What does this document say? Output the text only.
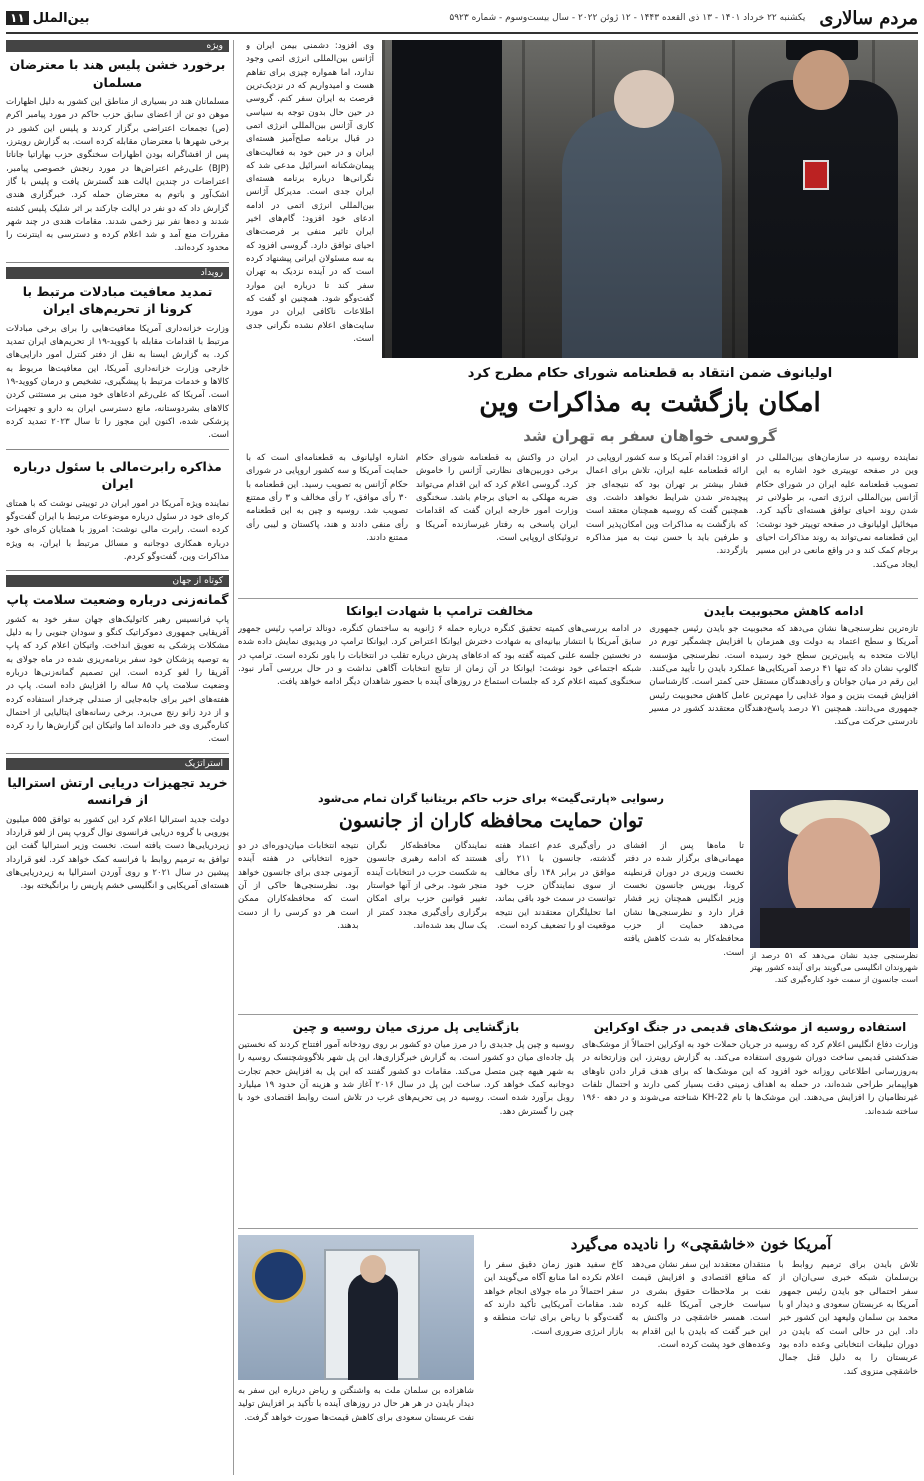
مردم سالاری
یکشنبه ۲۲ خرداد ۱۴۰۱ - ۱۳ ذی القعده ۱۴۴۳ - ۱۲ ژوئن ۲۰۲۲ - سال بیست‌وسوم - شماره ۵۹۲۳
بین‌الملل
۱۱
ویژه
برخورد خشن پلیس هند با معترضان مسلمان
مسلمانان هند در بسیاری از مناطق این کشور به دلیل اظهارات موهن دو تن از اعضای سابق حزب حاکم در مورد پیامبر اکرم (ص) تجمعات اعتراضی برگزار کردند و پلیس این کشور در برخی شهرها با معترضان مقابله کرده است. به گزارش رویترز، پس از افشاگرانه بودن اظهارات سخنگوی حزب بهاراتیا جاناتا (BJP) علی‌رغم اعتراض‌ها در مورد رنجش خصوصی پیامبر، اعتراضات در چندین ایالت هند گسترش یافت و پلیس با گاز اشک‌آور و باتوم به معترضان حمله کرد. خبرگزاری هندی گزارش داد که دو نفر در ایالت جارکند بر اثر شلیک پلیس کشته شدند و ده‌ها نفر نیز زخمی شدند. مقامات هندی در چند شهر مقررات منع آمد و شد اعلام کرده و دسترسی به اینترنت را محدود کرده‌اند.
رویداد
تمدید معافیت مبادلات مرتبط با کرونا از تحریم‌های ایران
وزارت خزانه‌داری آمریکا معافیت‌هایی را برای برخی مبادلات مرتبط با اقدامات مقابله با کووید-۱۹ از تحریم‌های ایران تمدید کرد. به گزارش ایسنا به نقل از دفتر کنترل امور دارایی‌های خارجی وزارت خزانه‌داری آمریکا، این معافیت‌ها مربوط به کالاها و خدمات مرتبط با پیشگیری، تشخیص و درمان کووید-۱۹ است. آمریکا که علی‌رغم ادعاهای خود مبنی بر مستثنی کردن کالاهای بشردوستانه، مانع دسترسی ایران به دارو و تجهیزات پزشکی شده، اکنون این مجوز را تا سال ۲۰۲۳ تمدید کرده است.
مذاکره رابرت‌مالی با سئول درباره ایران
نماینده ویژه آمریکا در امور ایران در توییتی نوشت که با همتای کره‌ای خود در سئول درباره موضوعات مرتبط با ایران گفت‌وگو کرده است. رابرت مالی نوشت: امروز با همتایان کره‌ای خود درباره همکاری دوجانبه و مسائل مرتبط با ایران، به ویژه مذاکرات وین، گفت‌وگو کردم.
کوتاه از جهان
گمانه‌زنی درباره وضعیت سلامت پاپ
پاپ فرانسیس رهبر کاتولیک‌های جهان سفر خود به کشور آفریقایی جمهوری دموکراتیک کنگو و سودان جنوبی را به دلیل مشکلات پزشکی به تعویق انداخت. واتیکان اعلام کرد که پاپ به توصیه پزشکان خود سفر برنامه‌ریزی شده در ماه جولای به آفریقا را لغو کرده است. این تصمیم گمانه‌زنی‌ها درباره وضعیت سلامت پاپ ۸۵ ساله را افزایش داده است. پاپ در هفته‌های اخیر برای جابه‌جایی از صندلی چرخدار استفاده کرده و از درد زانو رنج می‌برد. برخی رسانه‌های ایتالیایی از احتمال کناره‌گیری وی خبر داده‌اند اما واتیکان این گزارش‌ها را رد کرده است.
استراتژیک
خرید تجهیزات دریایی ارتش استرالیا از فرانسه
دولت جدید استرالیا اعلام کرد این کشور به توافق ۵۵۵ میلیون یورویی با گروه دریایی فرانسوی نوال گروپ پس از لغو قرارداد زیردریایی‌ها دست یافته است. نخست وزیر استرالیا گفت این توافق به ترمیم روابط با فرانسه کمک خواهد کرد. لغو قرارداد پیشین در سال ۲۰۲۱ و روی آوردن استرالیا به زیردریایی‌های هسته‌ای آمریکایی و انگلیسی خشم پاریس را برانگیخته بود.
وی افزود: دشمنی بیمن ایران و آژانس بین‌المللی انرژی اتمی وجود ندارد، اما همواره چیزی برای تفاهم هست و امیدواریم که در نزدیک‌ترین فرصت به ایران سفر کنم. گروسی در حین حال بدون توجه به سیاسی کاری آژانس بین‌المللی انرژی اتمی در قبال برنامه صلح‌آمیز هسته‌ای ایران و در حین خود به فعالیت‌های پیمان‌شکنانه اسرائیل مدعی شد که نگرانی‌ها درباره برنامه هسته‌ای ایران جدی است. مدیرکل آژانس بین‌المللی انرژی اتمی در ادامه ادعای خود افزود: گام‌های اخیر ایران تاثیر منفی بر فرصت‌های احیای توافق دارد. گروسی افزود که به سه مسئولان ایرانی پیشنهاد کرده است که در آینده نزدیک به تهران سفر کند تا درباره این موارد گفت‌وگو شود. همچنین او گفت که اطلاعات ناکافی ایران در مورد سایت‌های اعلام نشده نگرانی جدی است.
اولیانوف ضمن انتقاد به قطعنامه شورای حکام مطرح کرد
امکان بازگشت به مذاکرات وین
گروسی خواهان سفر به تهران شد
نماینده روسیه در سازمان‌های بین‌المللی در وین در صفحه توییتری خود اشاره به این تصویب قطعنامه علیه ایران در شورای حکام آژانس بین‌المللی انرژی اتمی، بر طولانی تر شدن روند احیای توافق هسته‌ای تأکید کرد. میخائیل اولیانوف در صفحه توییتر خود نوشت: این قطعنامه نمی‌تواند به روند مذاکرات احیای برجام کمک کند و در واقع مانعی در این مسیر ایجاد می‌کند.
او افزود: اقدام آمریکا و سه کشور اروپایی در ارائه قطعنامه علیه ایران، تلاش برای اعمال فشار بیشتر بر تهران بود که نتیجه‌ای جز پیچیده‌تر شدن شرایط نخواهد داشت. وی همچنین گفت که روسیه همچنان معتقد است که بازگشت به مذاکرات وین امکان‌پذیر است و طرفین باید با حسن نیت به میز مذاکره بازگردند.
ایران در واکنش به قطعنامه شورای حکام برخی دوربین‌های نظارتی آژانس را خاموش کرد. گروسی اعلام کرد که این اقدام می‌تواند ضربه مهلکی به احیای برجام باشد. سخنگوی وزارت امور خارجه ایران گفت که اقدامات ایران پاسخی به رفتار غیرسازنده آمریکا و تروئیکای اروپایی است.
اشاره اولیانوف به قطعنامه‌ای است که با حمایت آمریکا و سه کشور اروپایی در شورای حکام آژانس به تصویب رسید. این قطعنامه با ۳۰ رأی موافق، ۲ رأی مخالف و ۳ رأی ممتنع تصویب شد. روسیه و چین به این قطعنامه رأی منفی دادند و هند، پاکستان و لیبی رأی ممتنع دادند.
ادامه کاهش محبوبیت بایدن
تازه‌ترین نظرسنجی‌ها نشان می‌دهد که محبوبیت جو بایدن رئیس جمهوری آمریکا و سطح اعتماد به دولت وی همزمان با افزایش چشمگیر تورم در ایالات متحده به پایین‌ترین سطح خود رسیده است. نظرسنجی مؤسسه گالوپ نشان داد که تنها ۴۱ درصد آمریکایی‌ها عملکرد بایدن را تأیید می‌کنند. این رقم در میان جوانان و رأی‌دهندگان مستقل حتی کمتر است. کارشناسان افزایش قیمت بنزین و مواد غذایی را مهم‌ترین عامل کاهش محبوبیت رئیس جمهوری می‌دانند. همچنین ۷۱ درصد پاسخ‌دهندگان معتقدند کشور در مسیر نادرستی حرکت می‌کند.
مخالفت ترامپ با شهادت ایوانکا
در ادامه بررسی‌های کمیته تحقیق کنگره درباره حمله ۶ ژانویه به ساختمان کنگره، دونالد ترامپ رئیس جمهور سابق آمریکا با انتشار بیانیه‌ای به شهادت دخترش ایوانکا اعتراض کرد. ایوانکا ترامپ در ویدیوی نمایش داده شده در نخستین جلسه علنی کمیته گفته بود که ادعاهای پدرش درباره تقلب در انتخابات را باور نکرده است. ترامپ در شبکه اجتماعی خود نوشت: ایوانکا در آن زمان از نتایج انتخابات آگاهی نداشت و در حال بررسی آمار نبود. سخنگوی کمیته اعلام کرد که جلسات استماع در روزهای آینده با حضور شاهدان دیگر ادامه خواهد یافت.
نظرسنجی جدید نشان می‌دهد که ۵۱ درصد از شهروندان انگلیسی می‌گویند برای آینده کشور بهتر است جانسون از سمت خود کناره‌گیری کند.
رسوایی «پارتی‌گیت» برای حزب حاکم بریتانیا گران تمام می‌شود
توان حمایت محافظه کاران از جانسون
تا ماه‌ها پس از افشای مهمانی‌های برگزار شده در دفتر نخست وزیری در دوران قرنطینه کرونا، بوریس جانسون نخست وزیر انگلیس همچنان زیر فشار قرار دارد و نظرسنجی‌ها نشان می‌دهد حمایت از حزب محافظه‌کار به شدت کاهش یافته است.
در رأی‌گیری عدم اعتماد هفته گذشته، جانسون با ۲۱۱ رأی موافق در برابر ۱۴۸ رأی مخالف از سوی نمایندگان حزب خود توانست در سمت خود باقی بماند، اما تحلیلگران معتقدند این نتیجه موقعیت او را تضعیف کرده است.
نمایندگان محافظه‌کار نگران هستند که ادامه رهبری جانسون به شکست حزب در انتخابات آینده منجر شود. برخی از آنها خواستار تغییر قوانین حزب برای امکان برگزاری رأی‌گیری مجدد کمتر از یک سال بعد شده‌اند.
نتیجه انتخابات میان‌دوره‌ای در دو حوزه انتخاباتی در هفته آینده آزمونی جدی برای جانسون خواهد بود. نظرسنجی‌ها حاکی از آن است که محافظه‌کاران ممکن است هر دو کرسی را از دست بدهند.
استفاده روسیه از موشک‌های قدیمی در جنگ اوکراین
وزارت دفاع انگلیس اعلام کرد که روسیه در جریان حملات خود به اوکراین احتمالاً از موشک‌های ضدکشتی قدیمی ساخت دوران شوروی استفاده می‌کند. به گزارش رویترز، این وزارتخانه در به‌روزرسانی اطلاعاتی روزانه خود افزود که این موشک‌ها که برای هدف قرار دادن ناوهای هواپیمابر طراحی شده‌اند، در حمله به اهداف زمینی دقت بسیار کمی دارند و احتمال تلفات غیرنظامیان را افزایش می‌دهند. این موشک‌ها با نام KH-22 شناخته می‌شوند و در دهه ۱۹۶۰ ساخته شده‌اند.
بازگشایی پل مرزی میان روسیه و چین
روسیه و چین پل جدیدی را در مرز میان دو کشور بر روی رودخانه آمور افتتاح کردند که نخستین پل جاده‌ای میان دو کشور است. به گزارش خبرگزاری‌ها، این پل شهر بلاگووشچنسک روسیه را به شهر هیهه چین متصل می‌کند. مقامات دو کشور گفتند که این پل به افزایش حجم تجارت دوجانبه کمک خواهد کرد. ساخت این پل در سال ۲۰۱۶ آغاز شد و هزینه آن حدود ۱۹ میلیارد روبل برآورد شده است. روسیه در پی تحریم‌های غرب در تلاش است روابط اقتصادی خود با چین را گسترش دهد.
آمریکا خون «خاشقچی» را نادیده می‌گیرد
تلاش بایدن برای ترمیم روابط با بن‌سلمان شبکه خبری سی‌ان‌ان از سفر احتمالی جو بایدن رئیس جمهور آمریکا به عربستان سعودی و دیدار او با محمد بن سلمان ولیعهد این کشور خبر داد. این در حالی است که بایدن در دوران تبلیغات انتخاباتی وعده داده بود عربستان را به دلیل قتل جمال خاشقچی منزوی کند.
منتقدان معتقدند این سفر نشان می‌دهد که منافع اقتصادی و افزایش قیمت نفت بر ملاحظات حقوق بشری در سیاست خارجی آمریکا غلبه کرده است. همسر خاشقچی در واکنش به این خبر گفت که بایدن با این اقدام به وعده‌های خود پشت کرده است.
کاخ سفید هنوز زمان دقیق سفر را اعلام نکرده اما منابع آگاه می‌گویند این سفر احتمالاً در ماه جولای انجام خواهد شد. مقامات آمریکایی تأکید دارند که گفت‌وگو با ریاض برای ثبات منطقه و بازار انرژی ضروری است.
شاهزاده بن سلمان ملت به واشنگتن و ریاض درباره این سفر به دیدار بایدن در هر هر حال در روزهای آینده با تأکید بر افزایش تولید نفت عربستان سعودی برای کاهش قیمت‌ها صورت خواهد گرفت.
